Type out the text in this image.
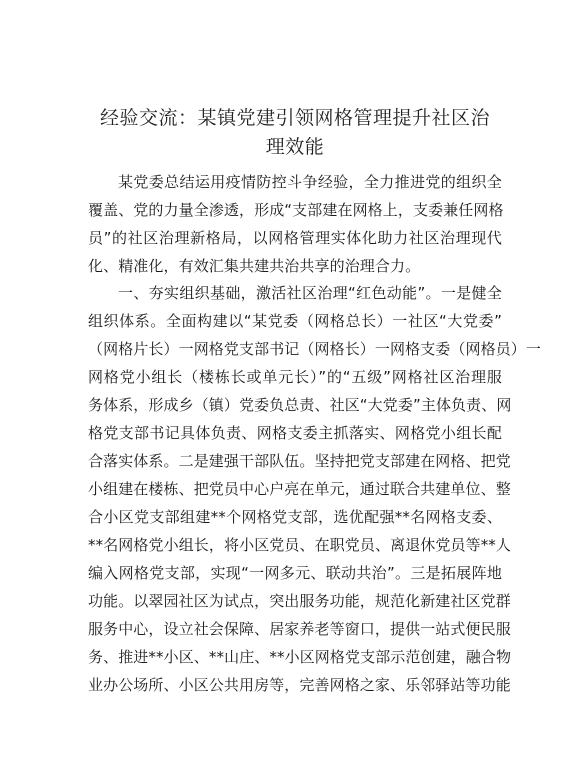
经验交流：某镇党建引领网格管理提升社区治
理效能
某党委总结运用疫情防控斗争经验，全力推进党的组织全
覆盖、党的力量全渗透，形成“支部建在网格上，支委兼任网格
员”的社区治理新格局，以网格管理实体化助力社区治理现代
化、精准化，有效汇集共建共治共享的治理合力。
一、夯实组织基础，激活社区治理“红色动能”。一是健全
组织体系。全面构建以“某党委（网格总长）一社区“大党委”
（网格片长）一网格党支部书记（网格长）一网格支委（网格员）一
网格党小组长（楼栋长或单元长）”的“五级”网格社区治理服
务体系，形成乡（镇）党委负总责、社区“大党委”主体负责、网
格党支部书记具体负责、网格支委主抓落实、网格党小组长配
合落实体系。二是建强干部队伍。坚持把党支部建在网格、把党
小组建在楼栋、把党员中心户亮在单元，通过联合共建单位、整
合小区党支部组建**个网格党支部，选优配强**名网格支委、
**名网格党小组长，将小区党员、在职党员、离退休党员等**人
编入网格党支部，实现“一网多元、联动共治”。三是拓展阵地
功能。以翠园社区为试点，突出服务功能，规范化新建社区党群
服务中心，设立社会保障、居家养老等窗口，提供一站式便民服
务、推进**小区、**山庄、**小区网格党支部示范创建，融合物
业办公场所、小区公共用房等，完善网格之家、乐邻驿站等功能
